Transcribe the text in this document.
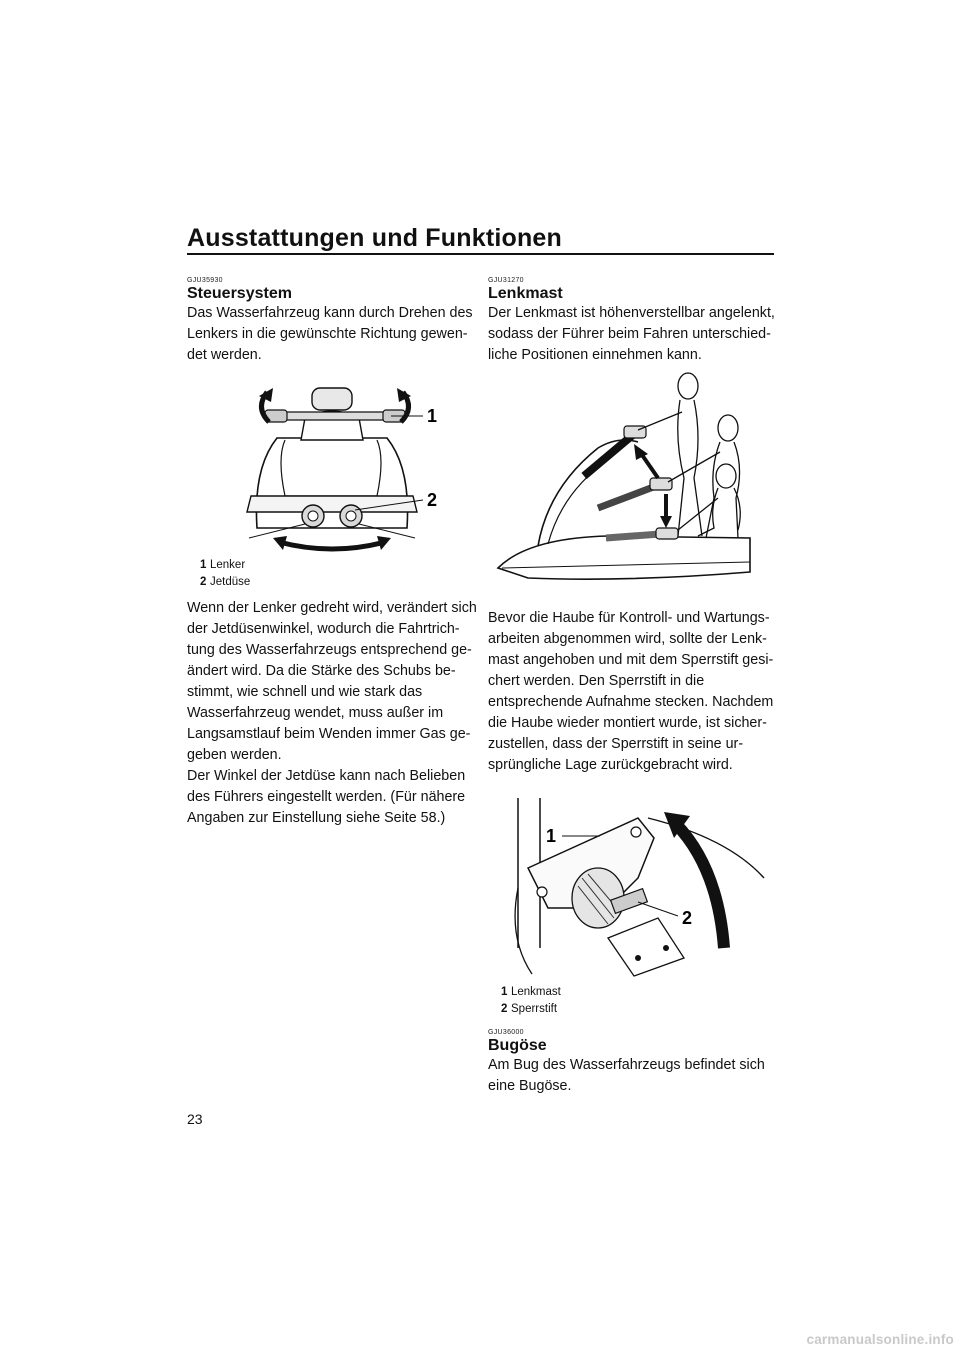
Ausstattungen und Funktionen
GJU35930
Steuersystem

Das Wasserfahrzeug kann durch Drehen des
Lenkers in die gewünschte Richtung gewen-
det werden.

1
2
1 Lenker
2 Jetdüse

Wenn der Lenker gedreht wird, verändert sich
der Jetdüsenwinkel, wodurch die Fahrtrich-
tung des Wasserfahrzeugs entsprechend ge-
ändert wird. Da die Stärke des Schubs be-
stimmt, wie schnell und wie stark das
Wasserfahrzeug wendet, muss außer im
Langsamstlauf beim Wenden immer Gas ge-
geben werden.
Der Winkel der Jetdüse kann nach Belieben
des Führers eingestellt werden. (Für nähere
Angaben zur Einstellung siehe Seite 58.)

GJU31270
Lenkmast

Der Lenkmast ist höhenverstellbar angelenkt,
sodass der Führer beim Fahren unterschied-
liche Positionen einnehmen kann.

Bevor die Haube für Kontroll- und Wartungs-
arbeiten abgenommen wird, sollte der Lenk-
mast angehoben und mit dem Sperrstift gesi-
chert werden. Den Sperrstift in die
entsprechende Aufnahme stecken. Nachdem
die Haube wieder montiert wurde, ist sicher-
zustellen, dass der Sperrstift in seine ur-
sprüngliche Lage zurückgebracht wird.

1
2
1 Lenkmast
2 Sperrstift
GJU36000
Bugöse

Am Bug des Wasserfahrzeugs befindet sich
eine Bugöse.

23
carmanualsonline.info
